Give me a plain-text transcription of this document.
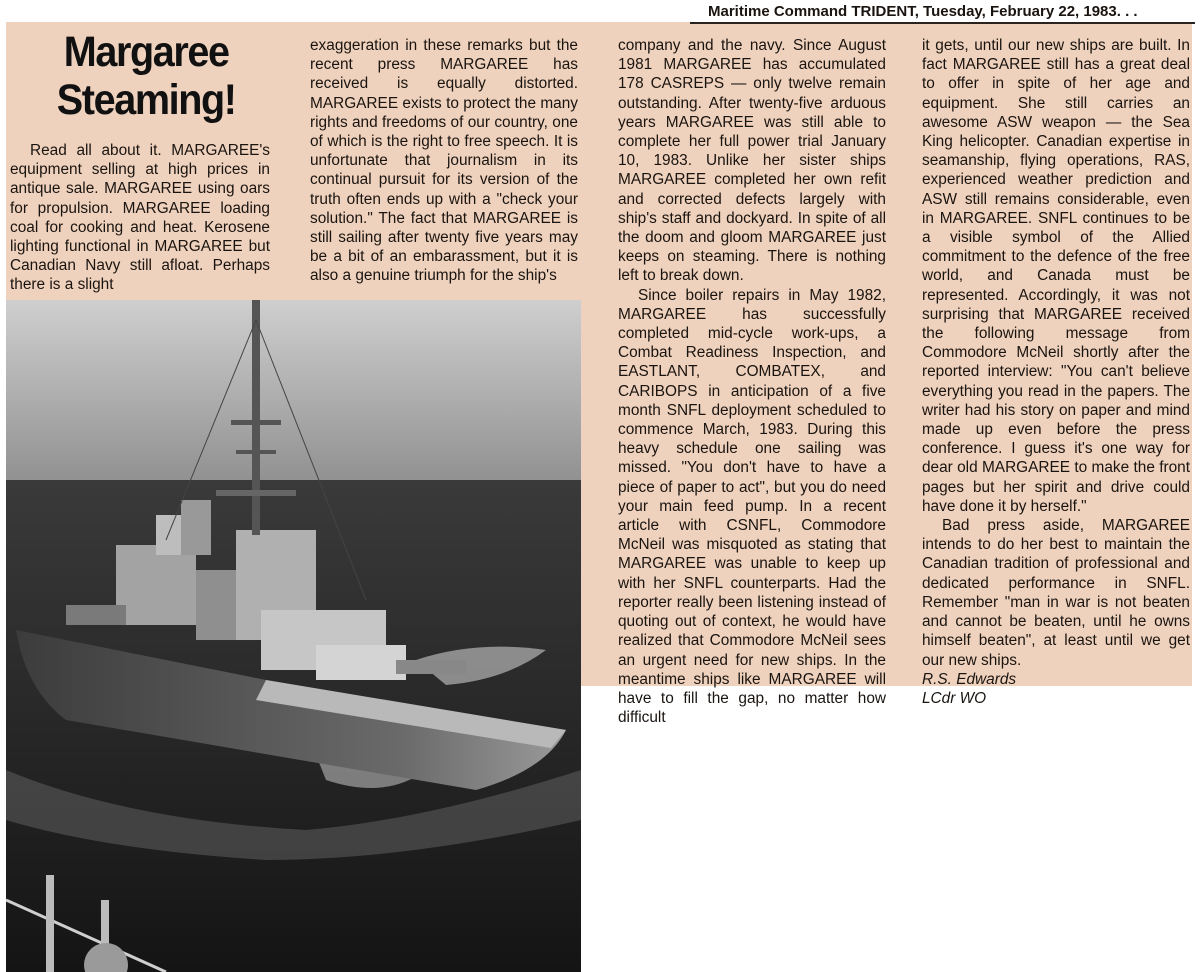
Maritime Command TRIDENT, Tuesday, February 22, 1983. . .
Margaree
Steaming!

Read all about it. MARGAREE's equipment selling at high prices in antique sale. MARGAREE using oars for propulsion. MARGAREE loading coal for cooking and heat. Kerosene lighting functional in MARGAREE but Canadian Navy still afloat. Perhaps there is a slight

exaggeration in these remarks but the recent press MARGAREE has received is equally distorted. MARGAREE exists to protect the many rights and freedoms of our country, one of which is the right to free speech. It is unfortunate that journalism in its continual pursuit for its version of the truth often ends up with a "check your solution." The fact that MARGAREE is still sailing after twenty five years may be a bit of an embarassment, but it is also a genuine triumph for the ship's

company and the navy. Since August 1981 MARGAREE has accumulated 178 CASREPS — only twelve remain outstanding. After twenty-five arduous years MARGAREE was still able to complete her full power trial January 10, 1983. Unlike her sister ships MARGAREE completed her own refit and corrected defects largely with ship's staff and dockyard. In spite of all the doom and gloom MARGAREE just keeps on steaming. There is nothing left to break down.

Since boiler repairs in May 1982, MARGAREE has successfully completed mid-cycle work-ups, a Combat Readiness Inspection, and EASTLANT, COMBATEX, and CARIBOPS in anticipation of a five month SNFL deployment scheduled to commence March, 1983. During this heavy schedule one sailing was missed. "You don't have to have a piece of paper to act", but you do need your main feed pump. In a recent article with CSNFL, Commodore McNeil was misquoted as stating that MARGAREE was unable to keep up with her SNFL counterparts. Had the reporter really been listening instead of quoting out of context, he would have realized that Commodore McNeil sees an urgent need for new ships. In the meantime ships like MARGAREE will have to fill the gap, no matter how difficult

it gets, until our new ships are built. In fact MARGAREE still has a great deal to offer in spite of her age and equipment. She still carries an awesome ASW weapon — the Sea King helicopter. Canadian expertise in seamanship, flying operations, RAS, experienced weather prediction and ASW still remains considerable, even in MARGAREE. SNFL continues to be a visible symbol of the Allied commitment to the defence of the free world, and Canada must be represented. Accordingly, it was not surprising that MARGAREE received the following message from Commodore McNeil shortly after the reported interview: "You can't believe everything you read in the papers. The writer had his story on paper and mind made up even before the press conference. I guess it's one way for dear old MARGAREE to make the front pages but her spirit and drive could have done it by herself."

Bad press aside, MARGAREE intends to do her best to maintain the Canadian tradition of professional and dedicated performance in SNFL. Remember "man in war is not beaten and cannot be beaten, until he owns himself beaten", at least until we get our new ships.

R.S. Edwards

LCdr WO
